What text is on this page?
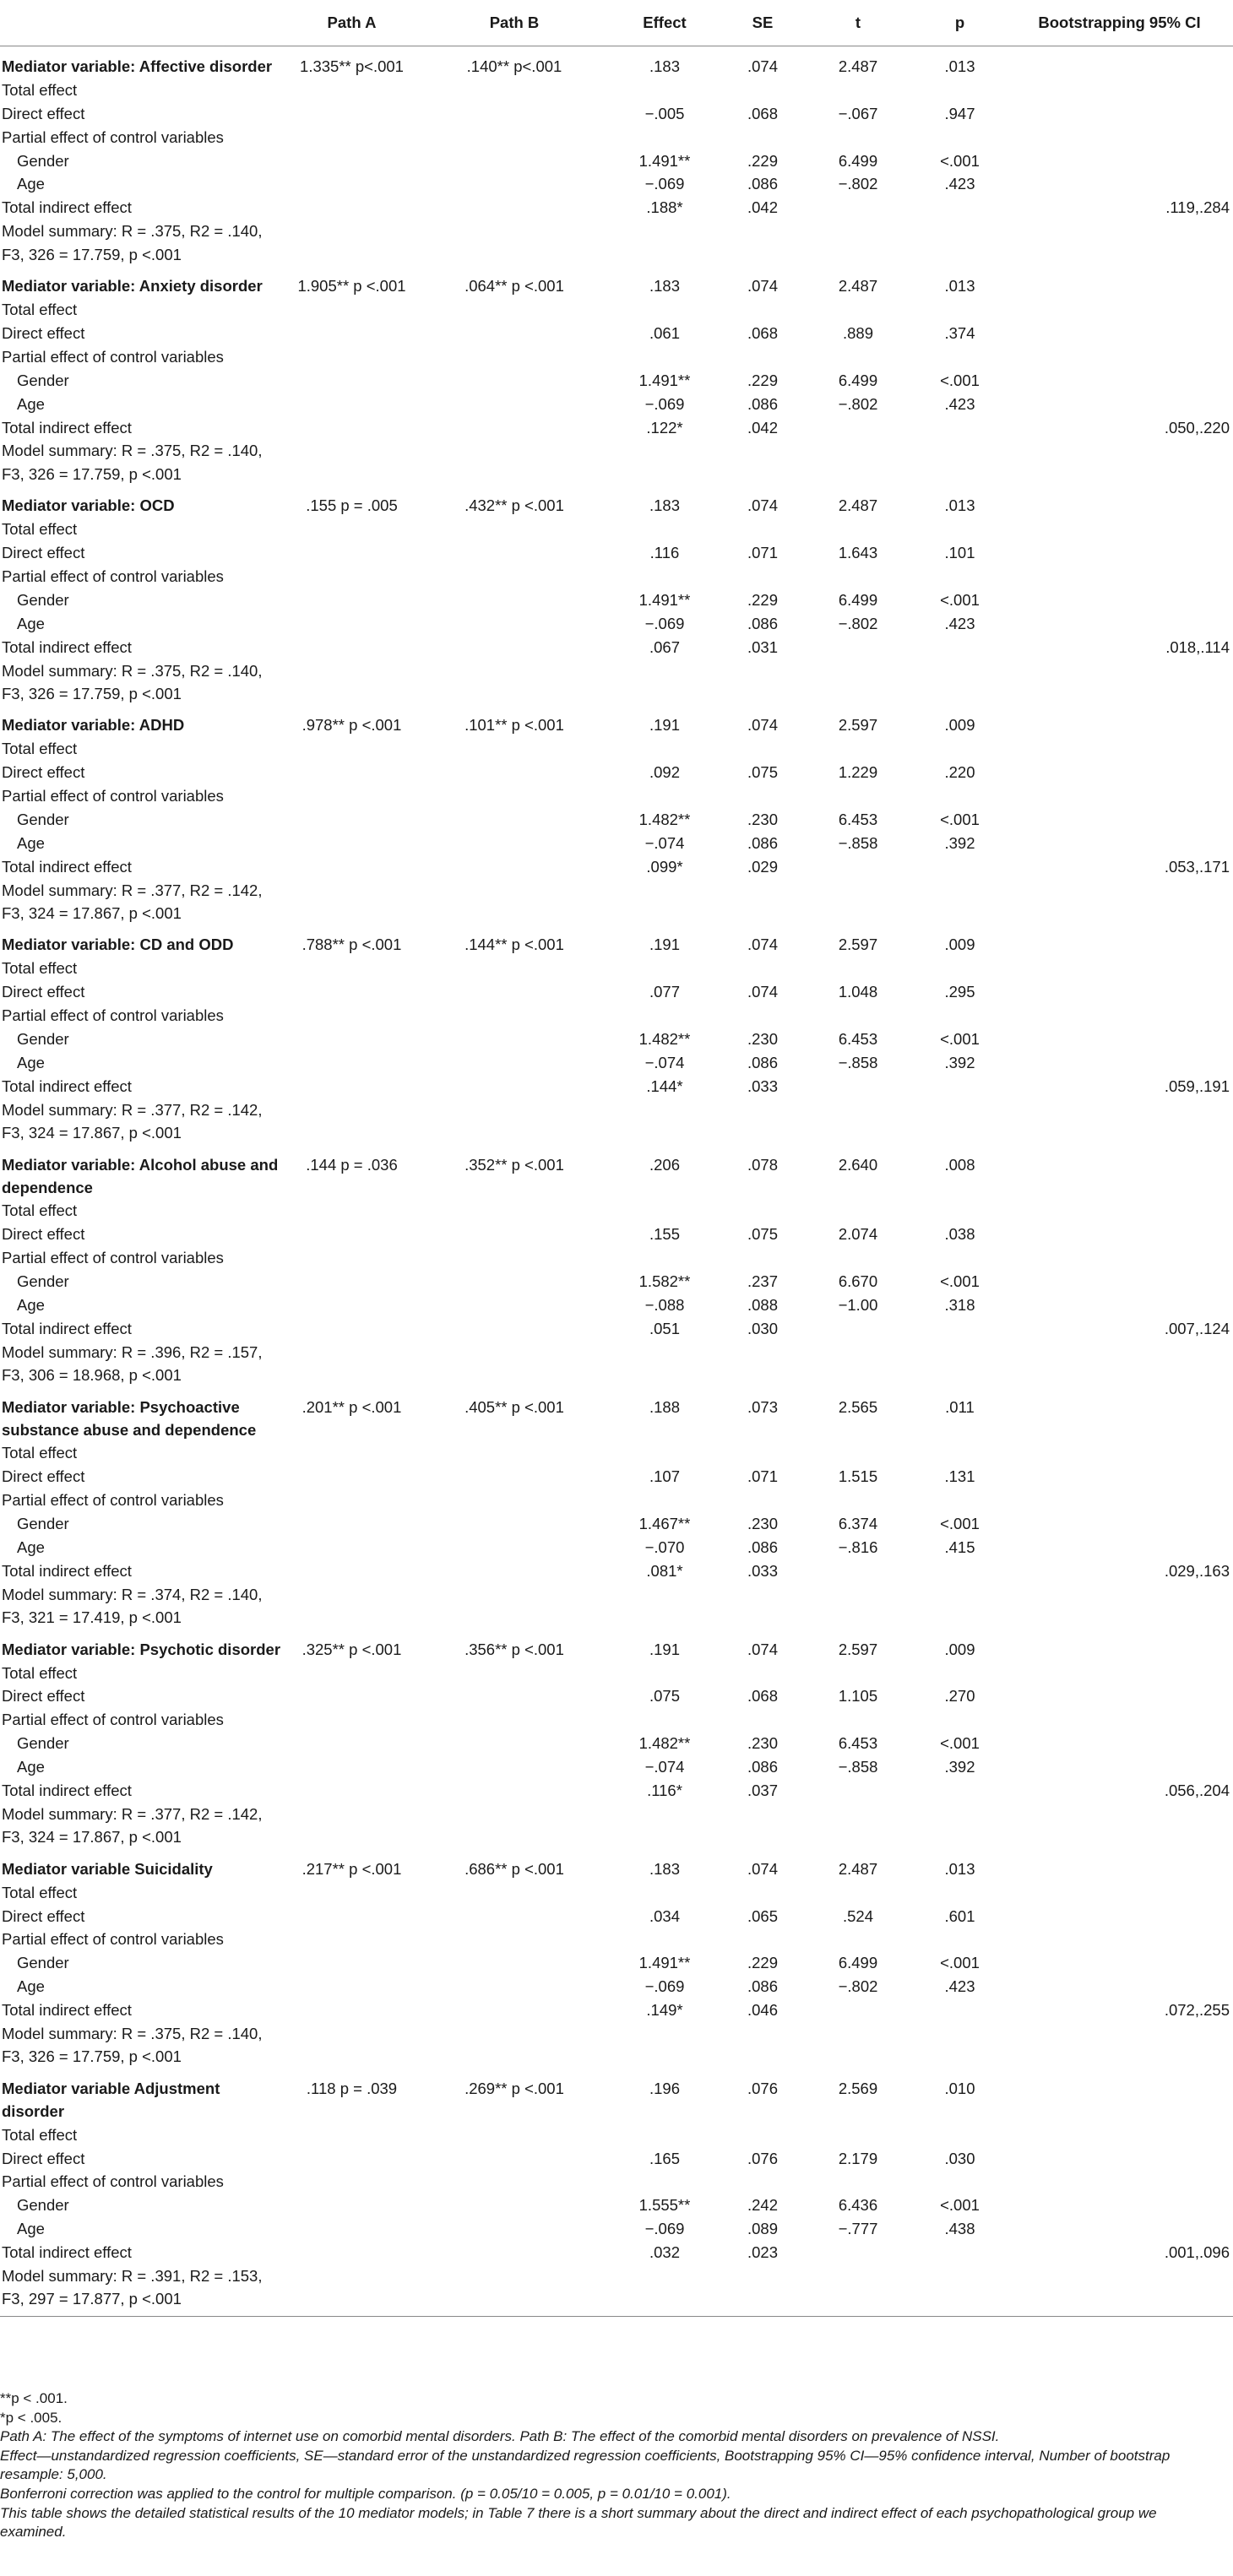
	Path A	Path B	Effect	SE	t	p	Bootstrapping 95% CI
Mediator variable: Affective disorder	1.335** p<.001	.140** p<.001	.183	.074	2.487	.013	
Total effect							
Direct effect			−.005	.068	−.067	.947	
Partial effect of control variables							
Gender			1.491**	.229	6.499	<.001	
Age			−.069	.086	−.802	.423	
Total indirect effect			.188*	.042			.119,.284
Model summary: R = .375, R2 = .140, F3, 326 = 17.759, p <.001							
Mediator variable: Anxiety disorder	1.905** p <.001	.064** p <.001	.183	.074	2.487	.013	
Total effect							
Direct effect			.061	.068	.889	.374	
Partial effect of control variables							
Gender			1.491**	.229	6.499	<.001	
Age			−.069	.086	−.802	.423	
Total indirect effect			.122*	.042			.050,.220
Model summary: R = .375, R2 = .140, F3, 326 = 17.759, p <.001							
Mediator variable: OCD	.155 p = .005	.432** p <.001	.183	.074	2.487	.013	
Total effect							
Direct effect			.116	.071	1.643	.101	
Partial effect of control variables							
Gender			1.491**	.229	6.499	<.001	
Age			−.069	.086	−.802	.423	
Total indirect effect			.067	.031			.018,.114
Model summary: R = .375, R2 = .140, F3, 326 = 17.759, p <.001							
Mediator variable: ADHD	.978** p <.001	.101** p <.001	.191	.074	2.597	.009	
Total effect							
Direct effect			.092	.075	1.229	.220	
Partial effect of control variables							
Gender			1.482**	.230	6.453	<.001	
Age			−.074	.086	−.858	.392	
Total indirect effect			.099*	.029			.053,.171
Model summary: R = .377, R2 = .142, F3, 324 = 17.867, p <.001							
Mediator variable: CD and ODD	.788** p <.001	.144** p <.001	.191	.074	2.597	.009	
Total effect							
Direct effect			.077	.074	1.048	.295	
Partial effect of control variables							
Gender			1.482**	.230	6.453	<.001	
Age			−.074	.086	−.858	.392	
Total indirect effect			.144*	.033			.059,.191
Model summary: R = .377, R2 = .142, F3, 324 = 17.867, p <.001							
Mediator variable: Alcohol abuse and dependence	.144 p = .036	.352** p <.001	.206	.078	2.640	.008	
Total effect							
Direct effect			.155	.075	2.074	.038	
Partial effect of control variables							
Gender			1.582**	.237	6.670	<.001	
Age			−.088	.088	−1.00	.318	
Total indirect effect			.051	.030			.007,.124
Model summary: R = .396, R2 = .157, F3, 306 = 18.968, p <.001							
Mediator variable: Psychoactive substance abuse and dependence	.201** p <.001	.405** p <.001	.188	.073	2.565	.011	
Total effect							
Direct effect			.107	.071	1.515	.131	
Partial effect of control variables							
Gender			1.467**	.230	6.374	<.001	
Age			−.070	.086	−.816	.415	
Total indirect effect			.081*	.033			.029,.163
Model summary: R = .374, R2 = .140, F3, 321 = 17.419, p <.001							
Mediator variable: Psychotic disorder	.325** p <.001	.356** p <.001	.191	.074	2.597	.009	
Total effect							
Direct effect			.075	.068	1.105	.270	
Partial effect of control variables							
Gender			1.482**	.230	6.453	<.001	
Age			−.074	.086	−.858	.392	
Total indirect effect			.116*	.037			.056,.204
Model summary: R = .377, R2 = .142, F3, 324 = 17.867, p <.001							
Mediator variable Suicidality	.217** p <.001	.686** p <.001	.183	.074	2.487	.013	
Total effect							
Direct effect			.034	.065	.524	.601	
Partial effect of control variables							
Gender			1.491**	.229	6.499	<.001	
Age			−.069	.086	−.802	.423	
Total indirect effect			.149*	.046			.072,.255
Model summary: R = .375, R2 = .140, F3, 326 = 17.759, p <.001							
Mediator variable Adjustment disorder	.118 p = .039	.269** p <.001	.196	.076	2.569	.010	
Total effect							
Direct effect			.165	.076	2.179	.030	
Partial effect of control variables							
Gender			1.555**	.242	6.436	<.001	
Age			−.069	.089	−.777	.438	
Total indirect effect			.032	.023			.001,.096
Model summary: R = .391, R2 = .153, F3, 297 = 17.877, p <.001							
**p < .001.
*p < .005.
Path A: The effect of the symptoms of internet use on comorbid mental disorders. Path B: The effect of the comorbid mental disorders on prevalence of NSSI.
Effect—unstandardized regression coefficients, SE—standard error of the unstandardized regression coefficients, Bootstrapping 95% CI—95% confidence interval, Number of bootstrap
resample: 5,000.
Bonferroni correction was applied to the control for multiple comparison. (p = 0.05/10 = 0.005, p = 0.01/10 = 0.001).
This table shows the detailed statistical results of the 10 mediator models; in Table 7 there is a short summary about the direct and indirect effect of each psychopathological group we
examined.
